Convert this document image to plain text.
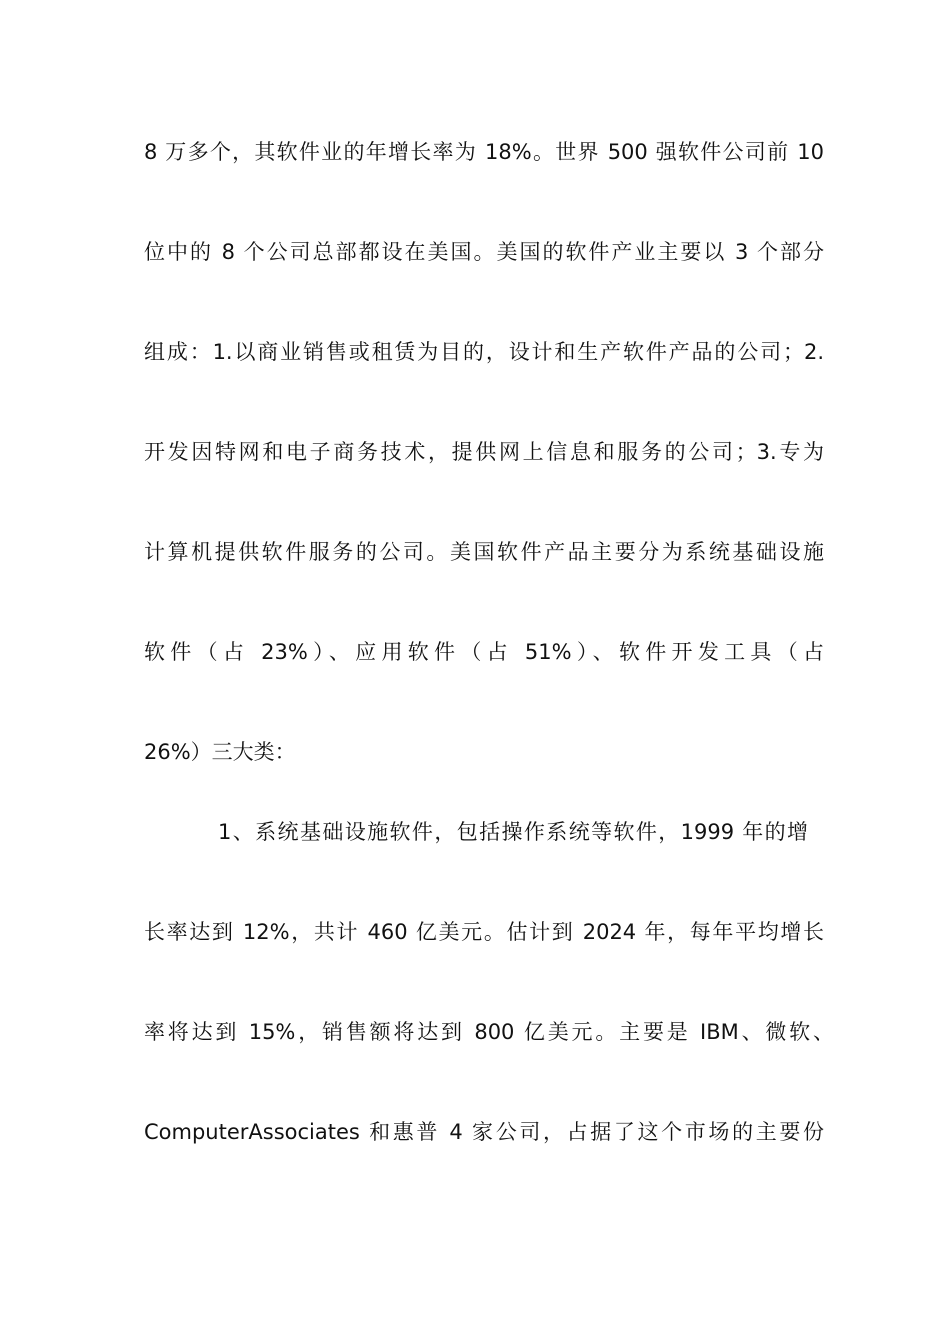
8 万多个，其软件业的年增长率为 18%。世界 500 强软件公司前 10
位中的 8 个公司总部都设在美国。美国的软件产业主要以 3 个部分
组成：1.以商业销售或租赁为目的，设计和生产软件产品的公司；2.
开发因特网和电子商务技术，提供网上信息和服务的公司；3.专为
计算机提供软件服务的公司。美国软件产品主要分为系统基础设施
软件（占 23%）、应用软件（占 51%）、软件开发工具（占
26%）三大类：
1、系统基础设施软件，包括操作系统等软件，1999 年的增
长率达到 12%，共计 460 亿美元。估计到 2024 年，每年平均增长
率将达到 15%，销售额将达到 800 亿美元。主要是 IBM、微软、
ComputerAssociates 和惠普 4 家公司，占据了这个市场的主要份
